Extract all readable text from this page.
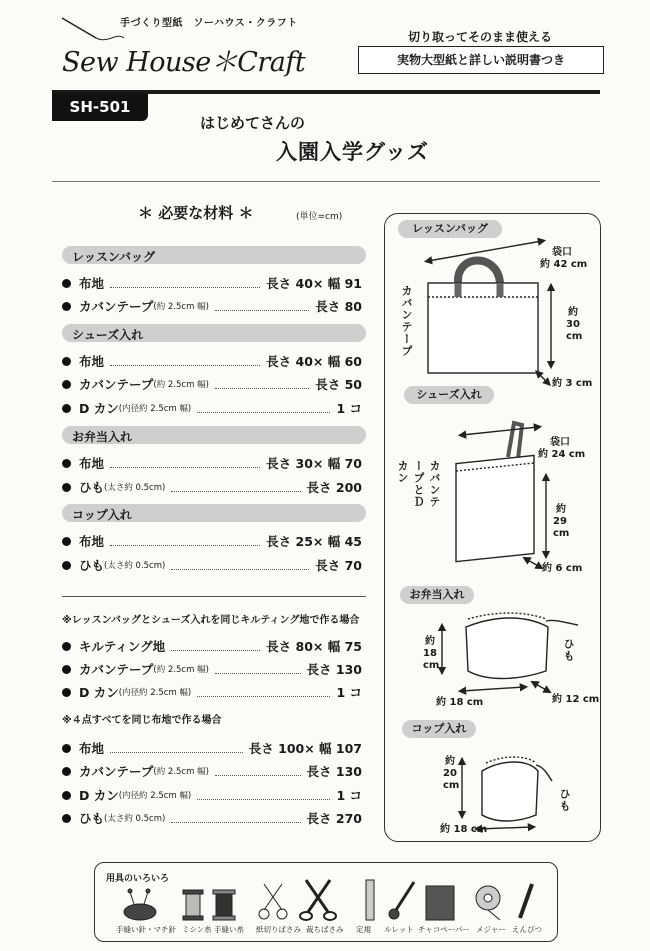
手づくり型紙　ソーハウス・クラフト
Sew House＊Craft
切り取ってそのまま使える
実物大型紙と詳しい説明書つき
SH-501
はじめてさんの
入園入学グッズ
＊ 必要な材料 ＊	(単位=cm)
レッスンバッグ
布地	長さ 40× 幅 91
カバンテープ (約 2.5cm 幅)	長さ 80
シューズ入れ
布地	長さ 40× 幅 60
カバンテープ (約 2.5cm 幅)	長さ 50
D カン (内径約 2.5cm 幅)	1 コ
お弁当入れ
布地	長さ 30× 幅 70
ひも (太さ約 0.5cm)	長さ 200
コップ入れ
布地	長さ 25× 幅 45
ひも (太さ約 0.5cm)	長さ 70
※レッスンバッグとシューズ入れを同じキルティング地で作る場合
キルティング地	長さ 80× 幅 75
カバンテープ (約 2.5cm 幅)	長さ 130
D カン (内径約 2.5cm 幅)	1 コ
※４点すべてを同じ布地で作る場合
布地	長さ 100× 幅 107
カバンテープ (約 2.5cm 幅)	長さ 130
D カン (内径約 2.5cm 幅)	1 コ
ひも (太さ約 0.5cm)	長さ 270
レッスンバッグ
カバンテープ
袋口
約 42 cm
約
30
cm
約 3 cm
シューズ入れ
カバンテープとＤカン
袋口
約 24 cm
約
29
cm
約 6 cm
お弁当入れ
約
18
cm
ひも
約 18 cm	約 12 cm
コップ入れ
約
20
cm
ひも
約 18 cm
用具のいろいろ
手縫い針・マチ針 ミシン糸 手縫い糸 紙切りばさみ 裁ちばさみ 定規 ルレット チャコペーパー メジャー えんぴつ
